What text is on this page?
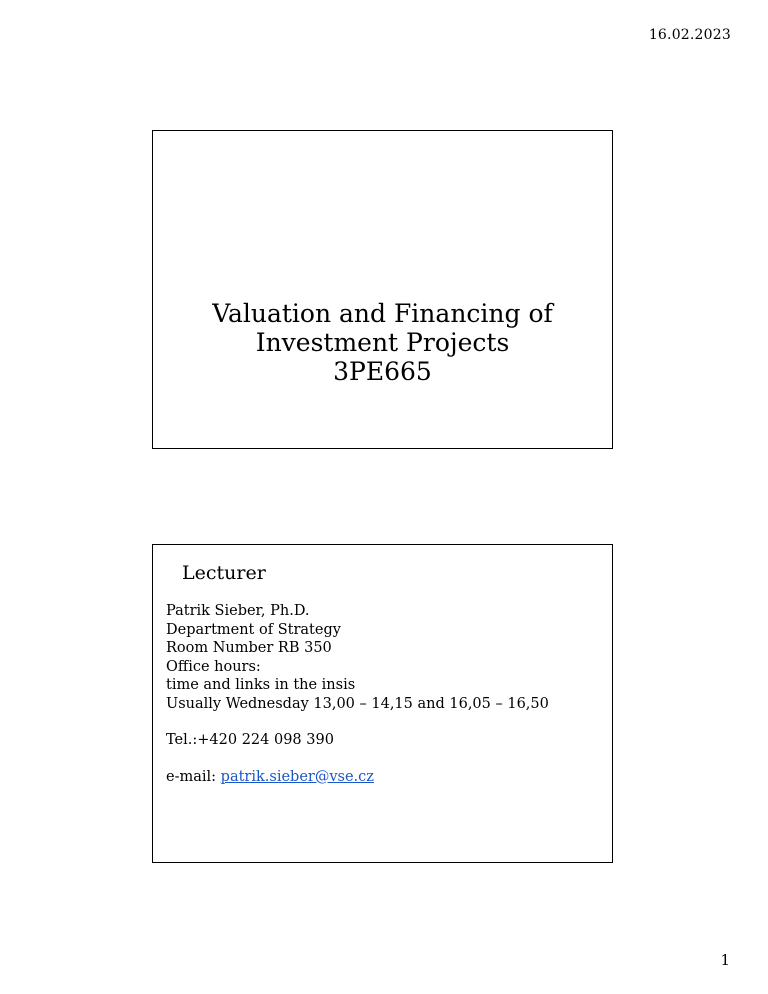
16.02.2023
Valuation and Financing of
Investment Projects
3PE665
Lecturer
Patrik Sieber, Ph.D.
Department of Strategy
Room Number RB 350
Office hours:
time and links in the insis
Usually Wednesday 13,00 – 14,15 and 16,05 – 16,50
Tel.:+420 224 098 390
e-mail: patrik.sieber@vse.cz
1
